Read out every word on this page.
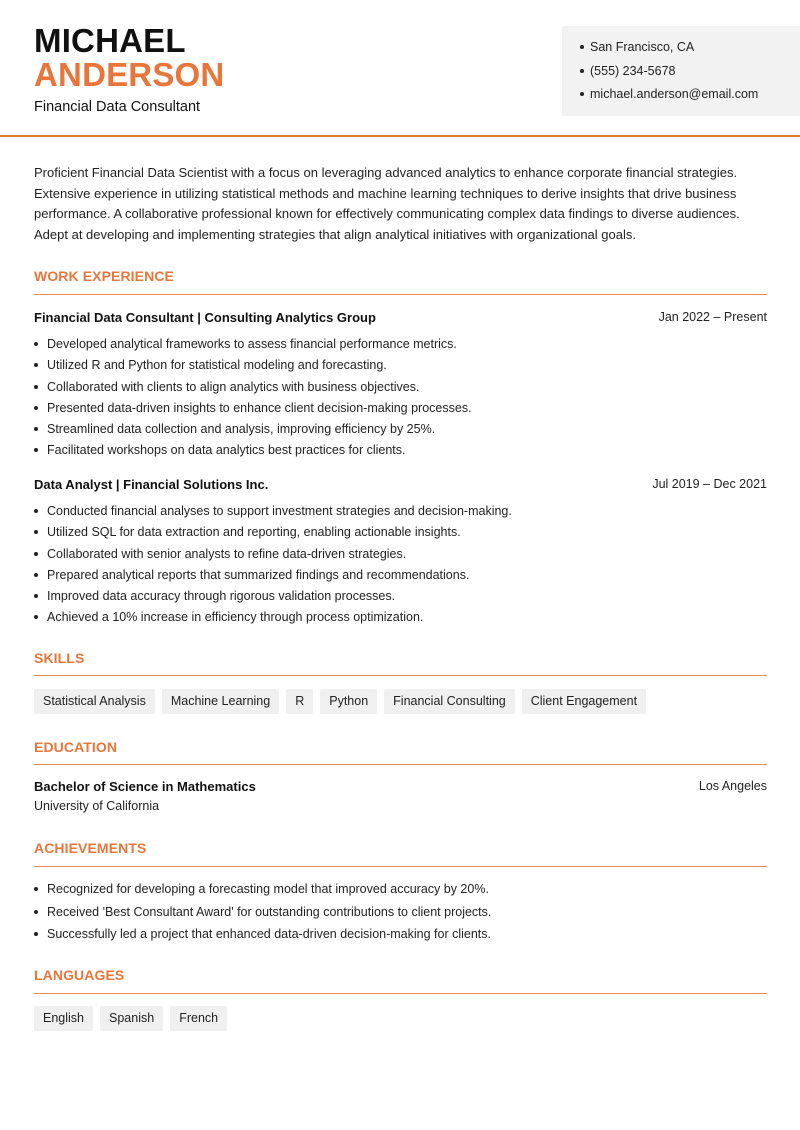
MICHAEL
ANDERSON
Financial Data Consultant
San Francisco, CA
(555) 234-5678
michael.anderson@email.com
Proficient Financial Data Scientist with a focus on leveraging advanced analytics to enhance corporate financial strategies. Extensive experience in utilizing statistical methods and machine learning techniques to derive insights that drive business performance. A collaborative professional known for effectively communicating complex data findings to diverse audiences. Adept at developing and implementing strategies that align analytical initiatives with organizational goals.
WORK EXPERIENCE
Financial Data Consultant | Consulting Analytics Group	Jan 2022 – Present
Developed analytical frameworks to assess financial performance metrics.
Utilized R and Python for statistical modeling and forecasting.
Collaborated with clients to align analytics with business objectives.
Presented data-driven insights to enhance client decision-making processes.
Streamlined data collection and analysis, improving efficiency by 25%.
Facilitated workshops on data analytics best practices for clients.
Data Analyst | Financial Solutions Inc.	Jul 2019 – Dec 2021
Conducted financial analyses to support investment strategies and decision-making.
Utilized SQL for data extraction and reporting, enabling actionable insights.
Collaborated with senior analysts to refine data-driven strategies.
Prepared analytical reports that summarized findings and recommendations.
Improved data accuracy through rigorous validation processes.
Achieved a 10% increase in efficiency through process optimization.
SKILLS
Statistical Analysis	Machine Learning	R	Python	Financial Consulting	Client Engagement
EDUCATION
Bachelor of Science in Mathematics	Los Angeles
University of California
ACHIEVEMENTS
Recognized for developing a forecasting model that improved accuracy by 20%.
Received 'Best Consultant Award' for outstanding contributions to client projects.
Successfully led a project that enhanced data-driven decision-making for clients.
LANGUAGES
English	Spanish	French
